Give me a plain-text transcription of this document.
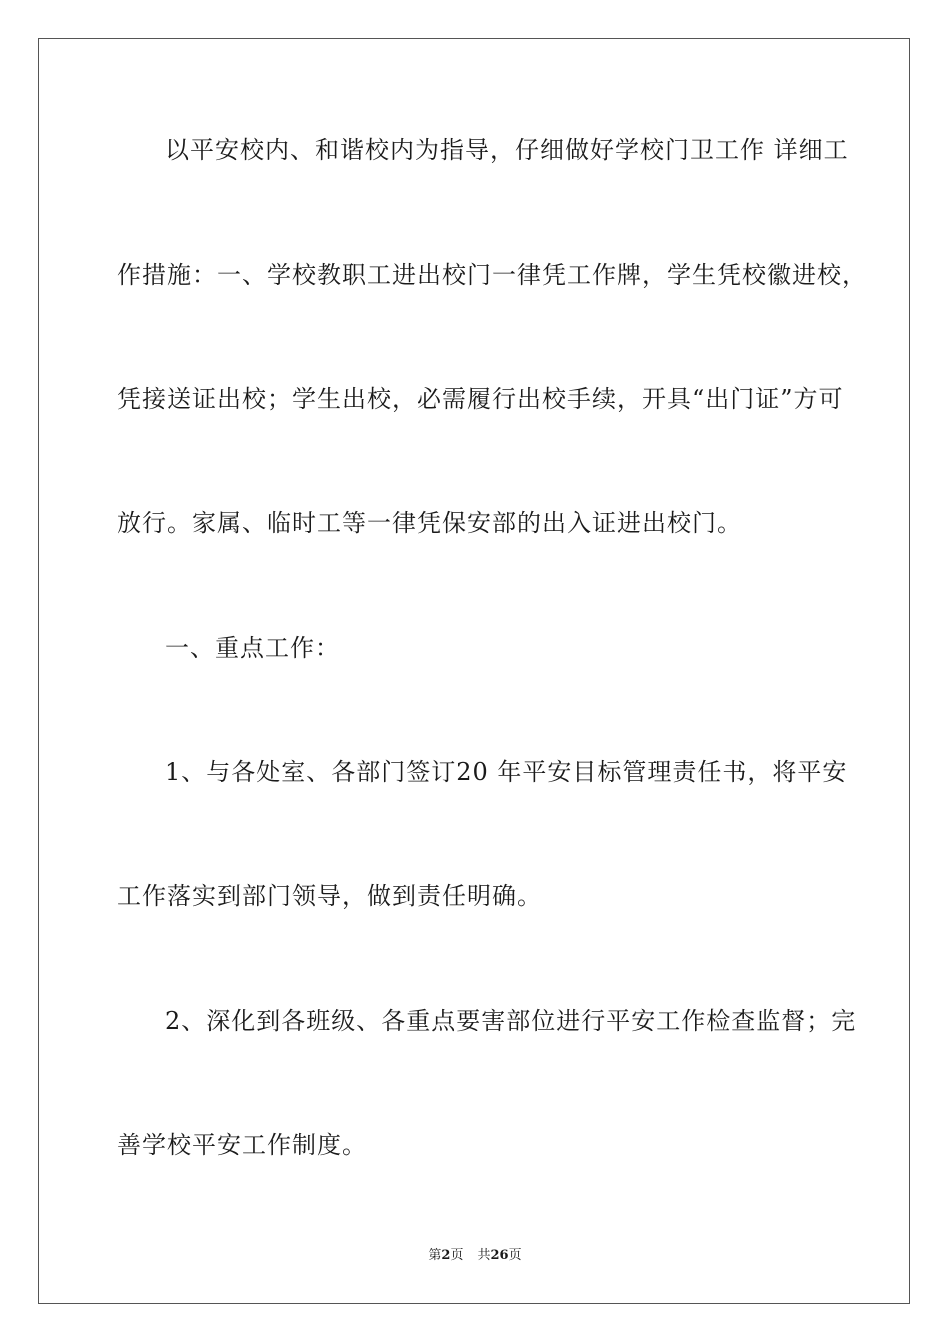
以平安校内、和谐校内为指导，仔细做好学校门卫工作 详细工
作措施：一、学校教职工进出校门一律凭工作牌，学生凭校徽进校，
凭接送证出校；学生出校，必需履行出校手续，开具“出门证”方可
放行。家属、临时工等一律凭保安部的出入证进出校门。
一、重点工作：
1、与各处室、各部门签订20 年平安目标管理责任书，将平安
工作落实到部门领导，做到责任明确。
2、深化到各班级、各重点要害部位进行平安工作检查监督；完
善学校平安工作制度。
第2页 共26页
